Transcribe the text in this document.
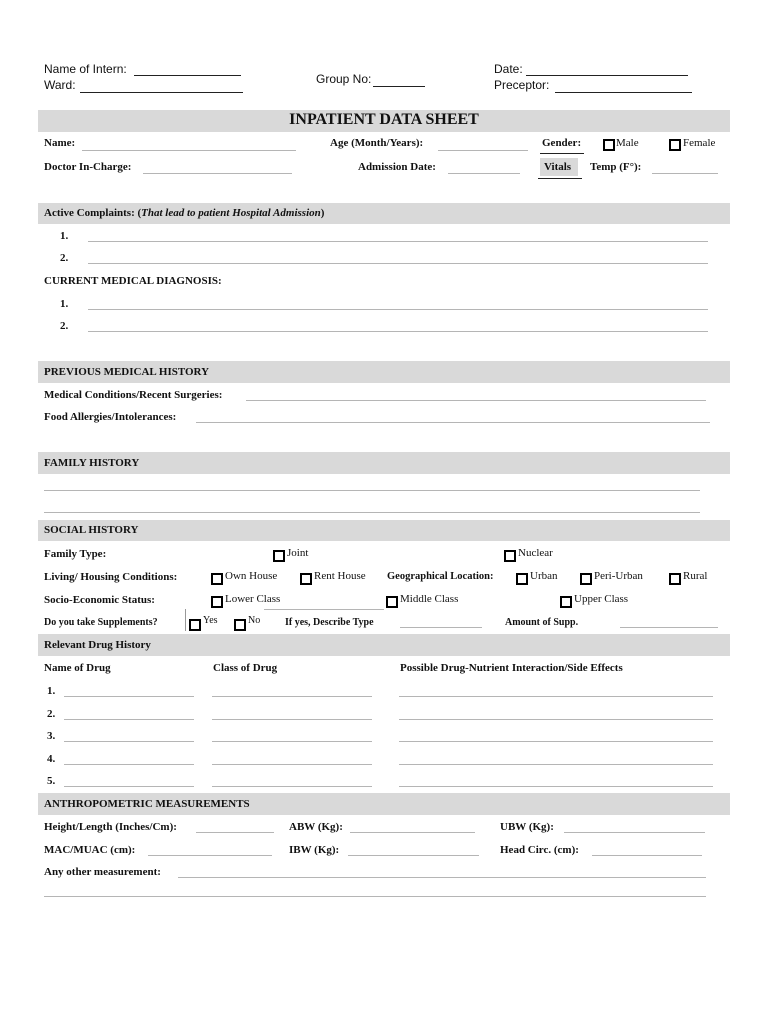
Name of Intern:
Ward:	Group No:
Date:
Preceptor:
INPATIENT DATA SHEET
Name:	Age (Month/Years):	Gender:	Male	Female
Doctor In-Charge:	Admission Date:	Vitals Temp (F°):
Active Complaints: (That lead to patient Hospital Admission)
1.
2.
CURRENT MEDICAL DIAGNOSIS:
1.
2.
PREVIOUS MEDICAL HISTORY
Medical Conditions/Recent Surgeries:
Food Allergies/Intolerances:
FAMILY HISTORY
SOCIAL HISTORY
Family Type:	Joint	Nuclear
Living/ Housing Conditions:	Own House	Rent House Geographical Location:	Urban	Peri-Urban	Rural
Socio-Economic Status:	Lower Class	Middle Class	Upper Class
Do you take Supplements?	Yes	No If yes, Describe Type	Amount of Supp.
Relevant Drug History
Name of Drug	Class of Drug	Possible Drug-Nutrient Interaction/Side Effects
1.
2.
3.
4.
5.
ANTHROPOMETRIC MEASUREMENTS
Height/Length (Inches/Cm):	ABW (Kg):	UBW (Kg):
MAC/MUAC (cm):	IBW (Kg):	Head Circ. (cm):
Any other measurement:
